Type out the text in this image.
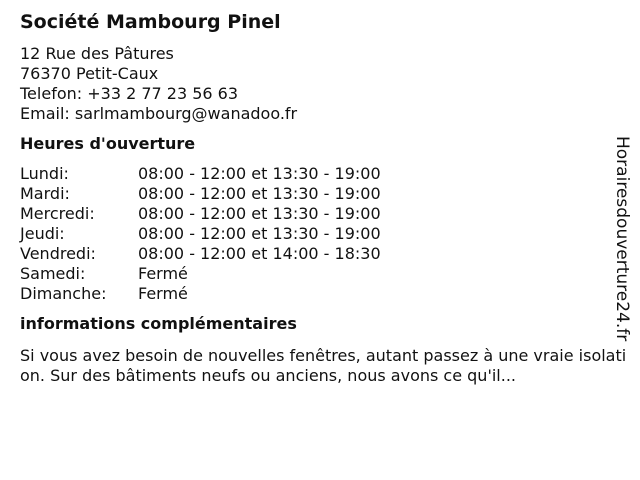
Société Mambourg Pinel
12 Rue des Pâtures
76370 Petit-Caux
Telefon: +33 2 77 23 56 63
Email: sarlmambourg@wanadoo.fr
Heures d'ouverture
Lundi:	08:00 - 12:00 et 13:30 - 19:00
Mardi:	08:00 - 12:00 et 13:30 - 19:00
Mercredi:	08:00 - 12:00 et 13:30 - 19:00
Jeudi:	08:00 - 12:00 et 13:30 - 19:00
Vendredi:	08:00 - 12:00 et 14:00 - 18:30
Samedi:	Fermé
Dimanche:	Fermé
informations complémentaires
Si vous avez besoin de nouvelles fenêtres, autant passez à une vraie isolation. Sur des bâtiments neufs ou anciens, nous avons ce qu'il...
Horairesdouverture24.fr
